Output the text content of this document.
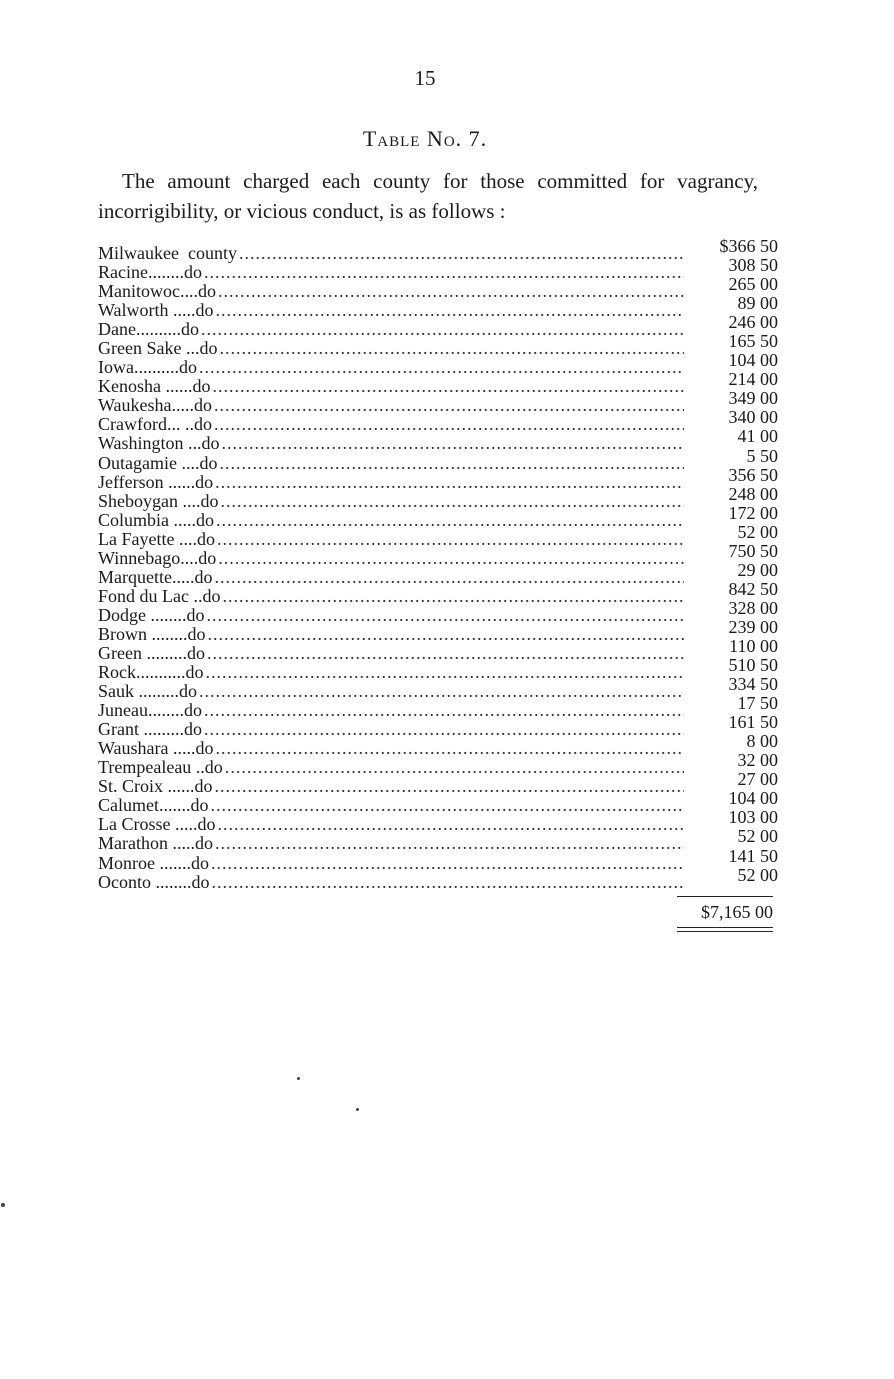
15
Table No. 7.
The amount charged each county for those committed for vagrancy, incorrigibility, or vicious conduct, is as follows :
Milwaukee  county .....	$366 50
Racine........do .....	308 50
Manitowoc....do .....	265 00
Walworth .....do .....	89 00
Dane..........do .....	246 00
Green Sake ...do .....	165 50
Iowa..........do .....	104 00
Kenosha ......do .....	214 00
Waukesha.....do .....	349 00
Crawford... ..do .....	340 00
Washington ...do .....	41 00
Outagamie ....do .....	5 50
Jefferson ......do .....	356 50
Sheboygan ....do .....	248 00
Columbia .....do .....	172 00
La Fayette ....do .....	52 00
Winnebago....do .....	750 50
Marquette.....do .....	29 00
Fond du Lac ..do .....	842 50
Dodge ........do .....	328 00
Brown ........do .....	239 00
Green .........do .....	110 00
Rock...........do .....	510 50
Sauk .........do .....	334 50
Juneau........do .....	17 50
Grant .........do .....	161 50
Waushara .....do .....	8 00
Trempealeau ..do .....	32 00
St. Croix ......do .....	27 00
Calumet.......do .....	104 00
La Crosse .....do .....	103 00
Marathon .....do .....	52 00
Monroe .......do .....	141 50
Oconto ........do .....	52 00
$7,165 00
